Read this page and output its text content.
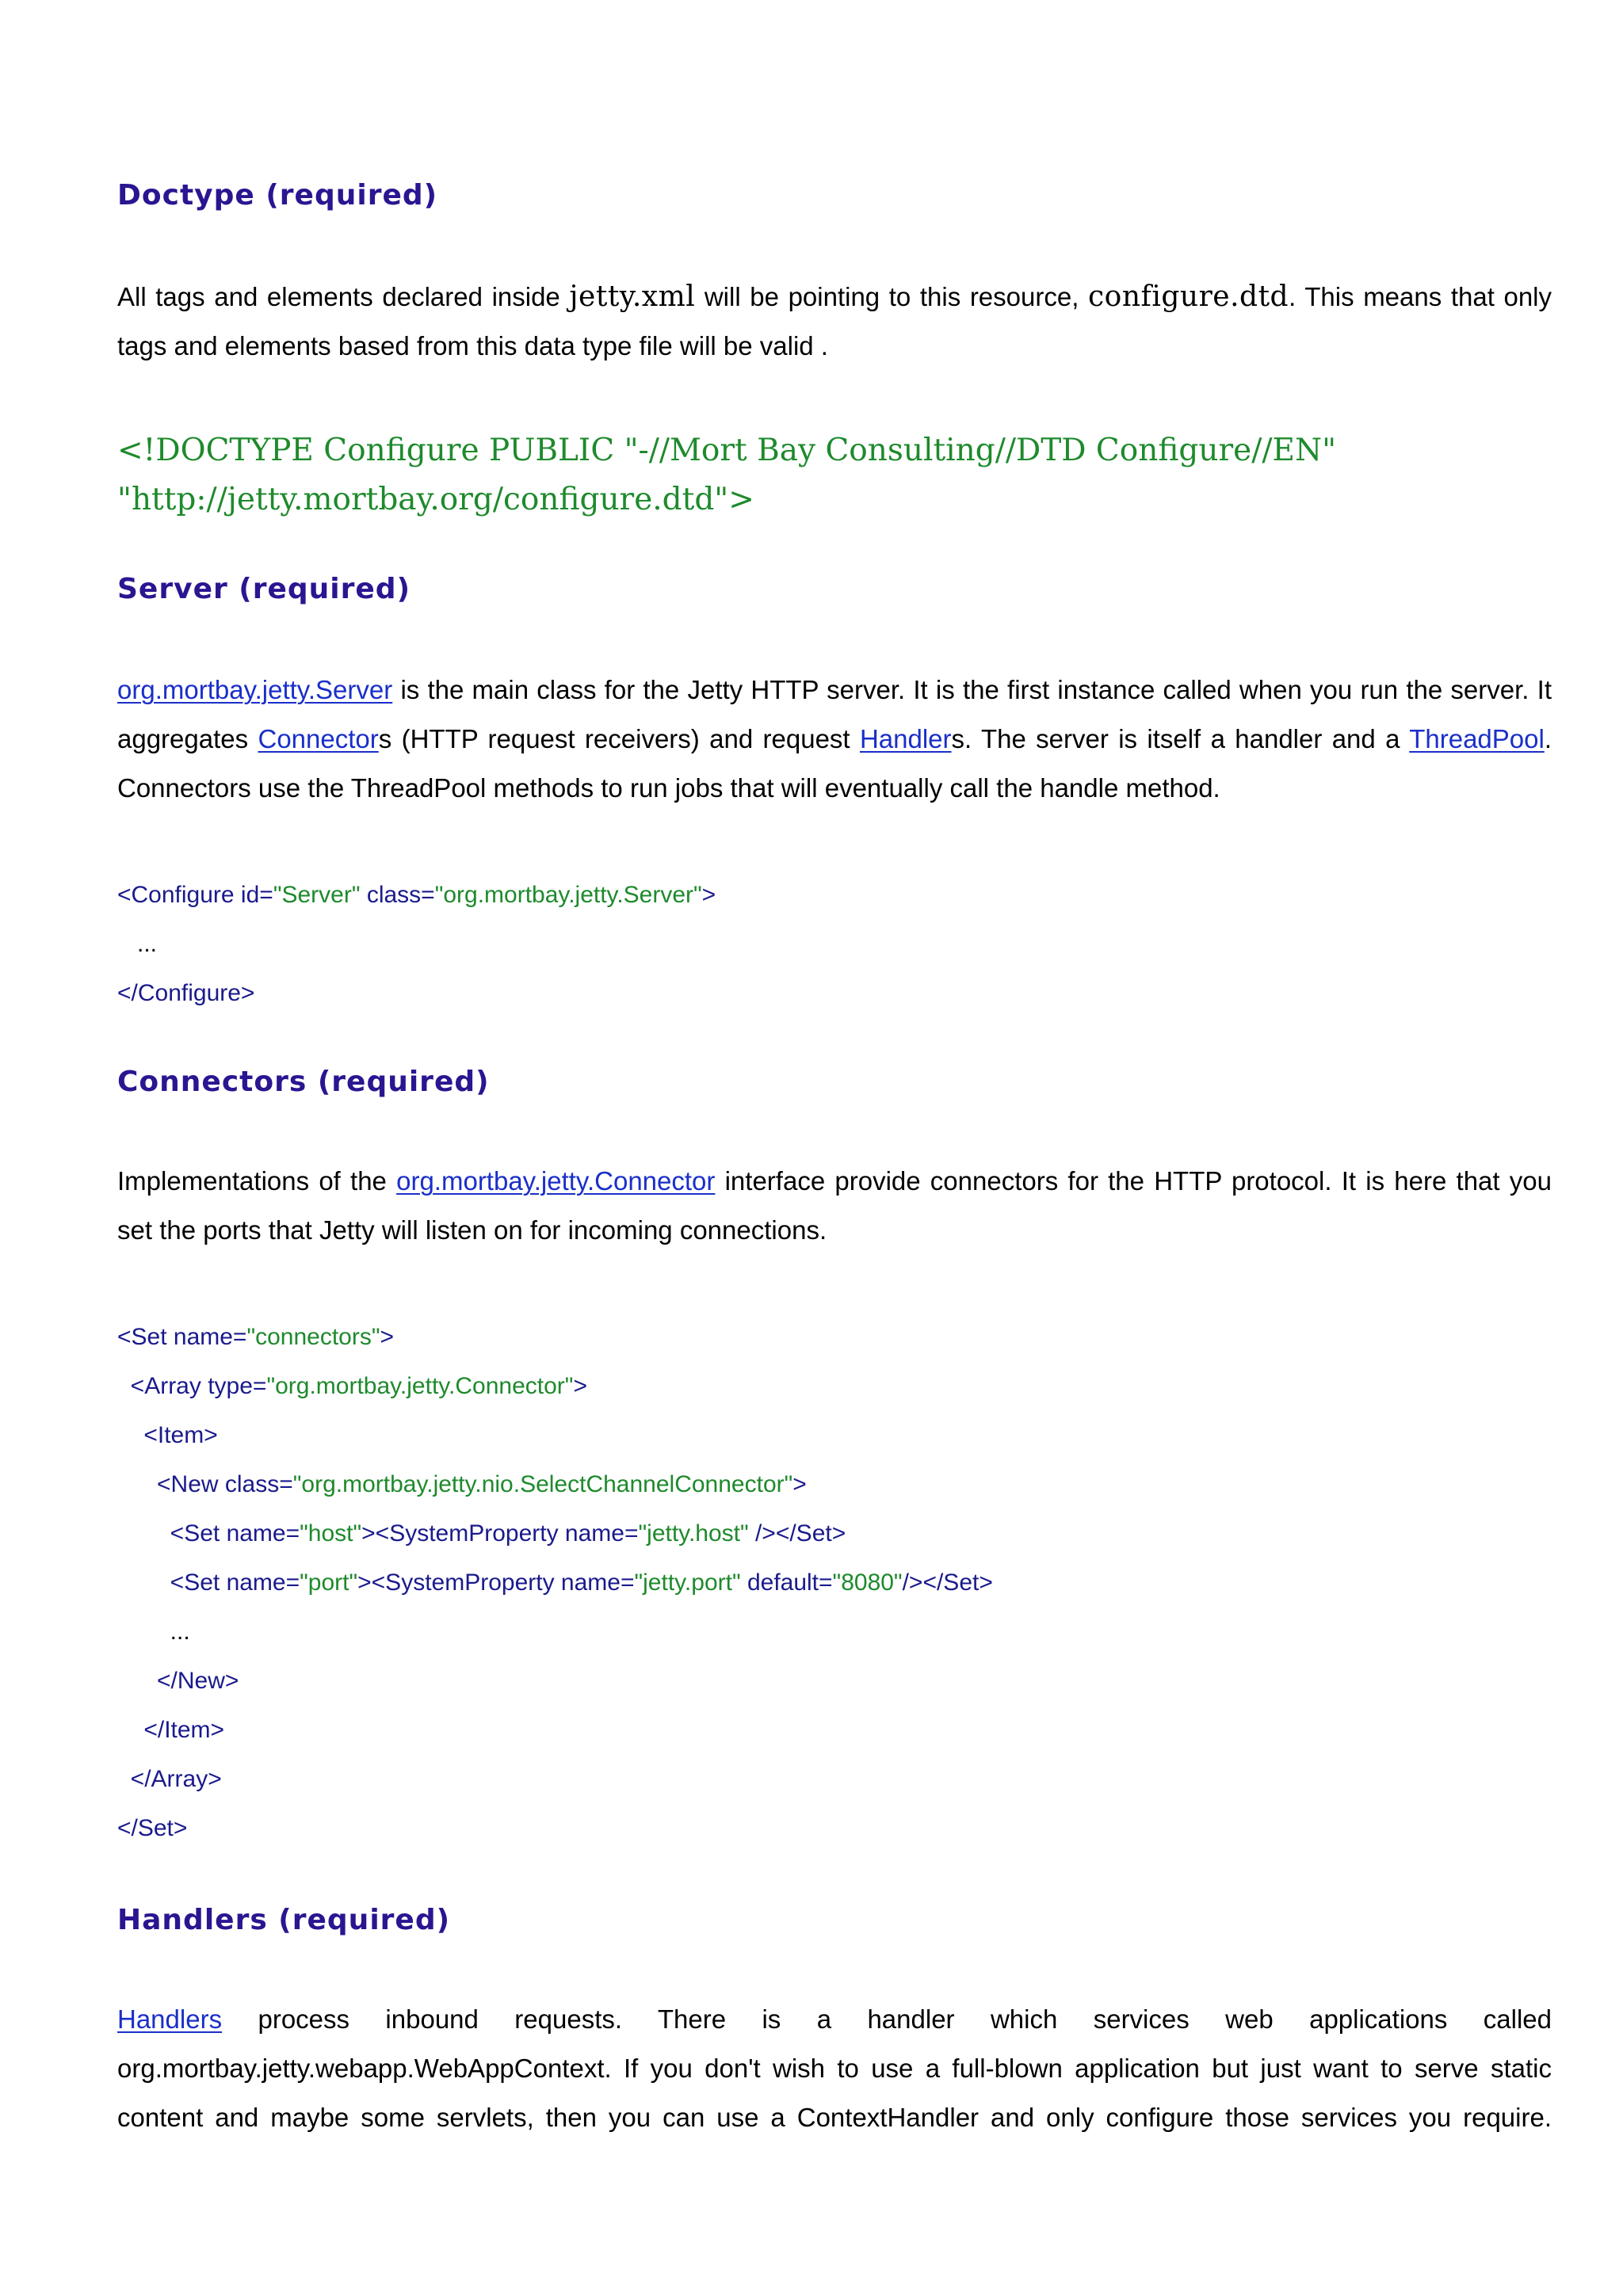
Doctype (required)

All tags and elements declared inside jetty.xml will be pointing to this resource, configure.dtd. This means that only tags and elements based from this data type file will be valid .

<!DOCTYPE Configure PUBLIC "-//Mort Bay Consulting//DTD Configure//EN"
"http://jetty.mortbay.org/configure.dtd">
Server (required)

org.mortbay.jetty.Server is the main class for the Jetty HTTP server. It is the first instance called when you run the server. It aggregates Connectors (HTTP request receivers) and request Handlers. The server is itself a handler and a ThreadPool. Connectors use the ThreadPool methods to run jobs that will eventually call the handle method.

<Configure id="Server" class="org.mortbay.jetty.Server">
...
</Configure>
Connectors (required)

Implementations of the org.mortbay.jetty.Connector interface provide connectors for the HTTP protocol. It is here that you set the ports that Jetty will listen on for incoming connections.

<Set name="connectors">
<Array type="org.mortbay.jetty.Connector">
<Item>
<New class="org.mortbay.jetty.nio.SelectChannelConnector">
<Set name="host"><SystemProperty name="jetty.host" /></Set>
<Set name="port"><SystemProperty name="jetty.port" default="8080"/></Set>
...
</New>
</Item>
</Array>
</Set>
Handlers (required)

Handlers process inbound requests. There is a handler which services web applications called

org.mortbay.jetty.webapp.WebAppContext. If you don't wish to use a full-blown application but just want to serve static

content and maybe some servlets, then you can use a ContextHandler and only configure those services you require.
